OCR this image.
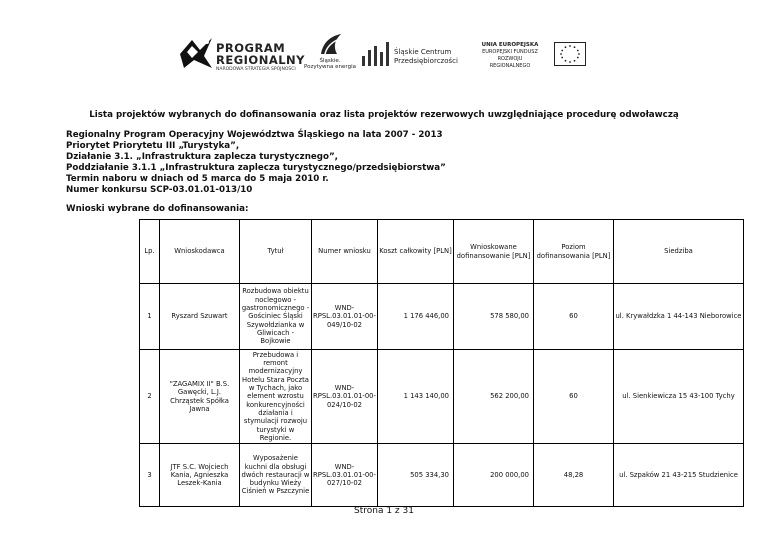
PROGRAM
REGIONALNY
NARODOWA STRATEGIA SPÓJNOŚCI
Śląskie.
Pozytywna energia
Śląskie Centrum
Przedsiębiorczości
UNIA EUROPEJSKA
EUROPEJSKI FUNDUSZ
ROZWOJU REGIONALNEGO
Lista projektów wybranych do dofinansowania oraz lista projektów rezerwowych uwzględniające procedurę odwoławczą
Regionalny Program Operacyjny Województwa Śląskiego na lata 2007 - 2013
Priorytet Priorytetu III „Turystyka”,
Działanie 3.1. „Infrastruktura zaplecza turystycznego”,
Poddziałanie 3.1.1 „Infrastruktura zaplecza turystycznego/przedsiębiorstwa”
Termin naboru w dniach od 5 marca do 5 maja 2010 r.
Numer konkursu SCP-03.01.01-013/10
Wnioski wybrane do dofinansowania:
Lp.	Wnioskodawca	Tytuł	Numer wniosku	Koszt całkowity [PLN]	Wnioskowane dofinansowanie [PLN]	Poziom dofinansowania [PLN]	Siedziba
1	Ryszard Szuwart	Rozbudowa obiektu noclegowo - gastronomicznego - Gościniec Śląski Szywołdzianka w Gliwicach - Bojkowie	WND-RPSL.03.01.01-00-049/10-02	1 176 446,00	578 580,00	60	ul. Krywałdzka 1 44-143 Nieborowice
2	"ZAGAMIX II" B.S. Gawęcki, L.J. Chrząstek Spółka Jawna	Przebudowa i remont modernizacyjny Hotelu Stara Poczta w Tychach, jako element wzrostu konkurencyjności działania i stymulacji rozwoju turystyki w Regionie.	WND-RPSL.03.01.01-00-024/10-02	1 143 140,00	562 200,00	60	ul. Sienkiewicza 15 43-100 Tychy
3	JTF S.C. Wojciech Kania, Agnieszka Leszek-Kania	Wyposażenie kuchni dla obsługi dwóch restauracji w budynku Wieży Ciśnień w Pszczynie	WND-RPSL.03.01.01-00-027/10-02	505 334,30	200 000,00	48,28	ul. Szpaków 21 43-215 Studzienice
Strona 1 z 31
